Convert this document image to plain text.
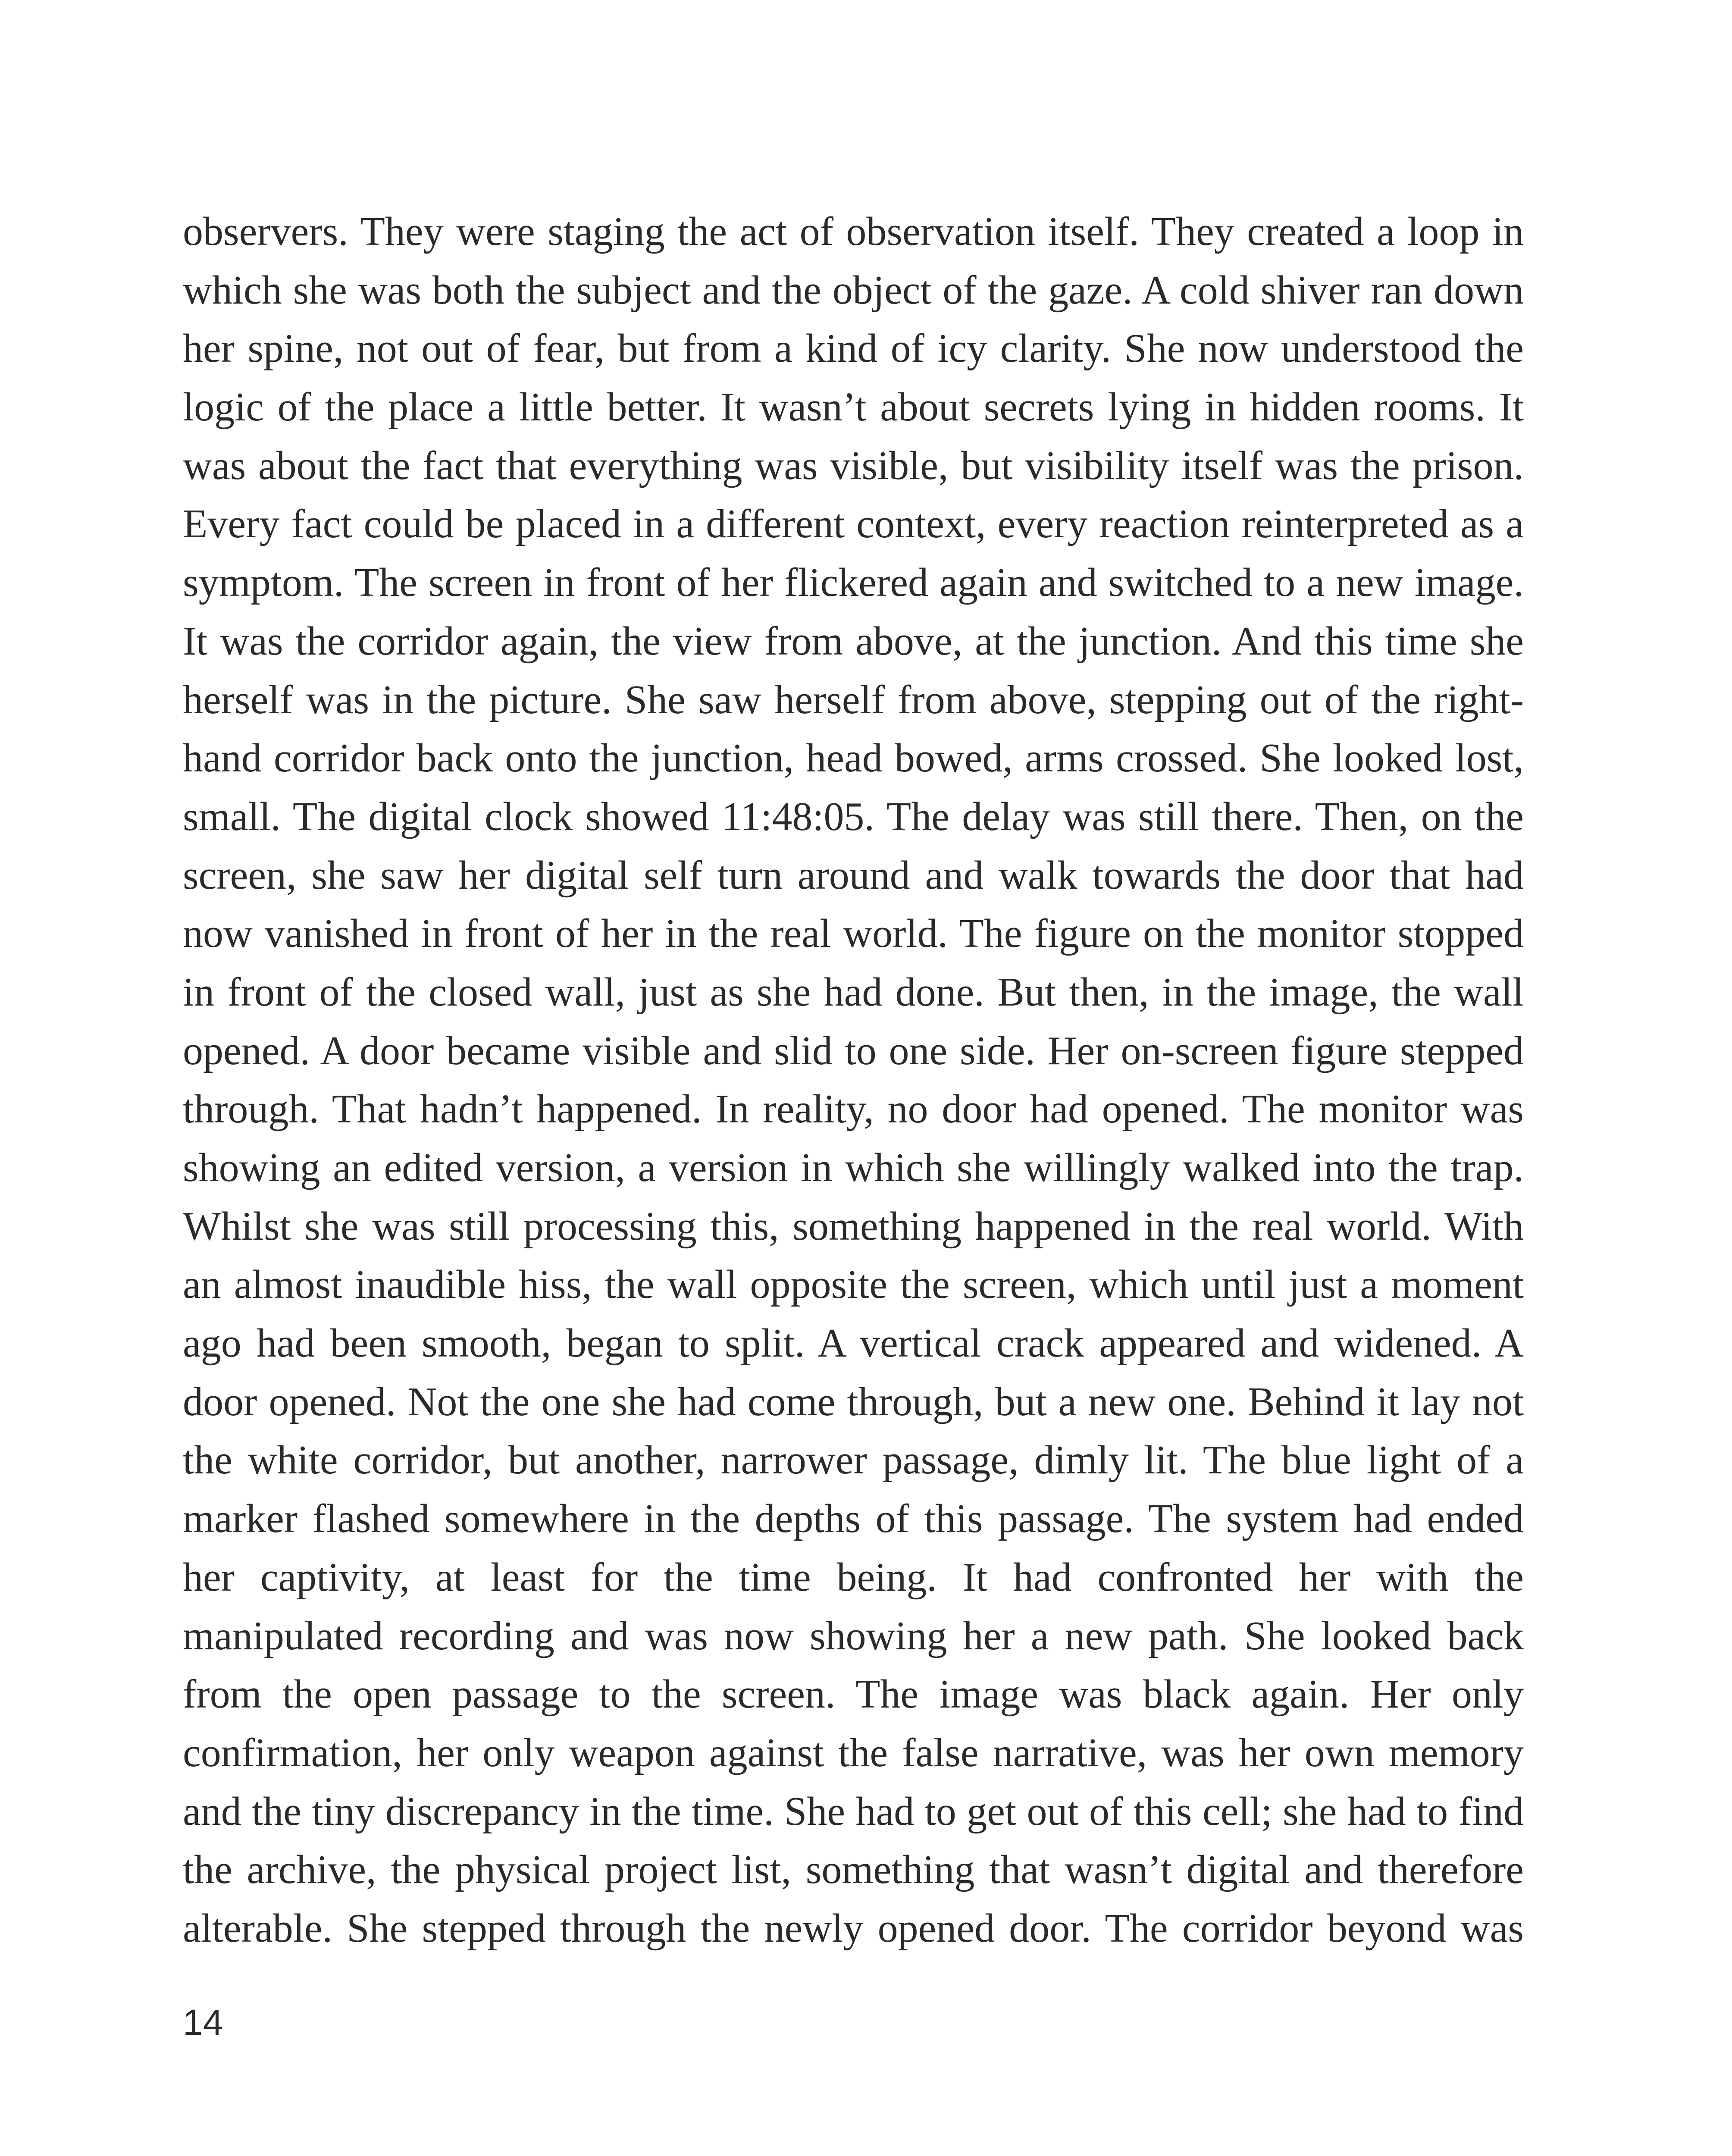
observers. They were staging the act of observation itself. They created a loop in
which she was both the subject and the object of the gaze. A cold shiver ran down
her spine, not out of fear, but from a kind of icy clarity. She now understood the
logic of the place a little better. It wasn’t about secrets lying in hidden rooms. It
was about the fact that everything was visible, but visibility itself was the prison.
Every fact could be placed in a different context, every reaction reinterpreted as a
symptom. The screen in front of her flickered again and switched to a new image.
It was the corridor again, the view from above, at the junction. And this time she
herself was in the picture. She saw herself from above, stepping out of the right-
hand corridor back onto the junction, head bowed, arms crossed. She looked lost,
small. The digital clock showed 11:48:05. The delay was still there. Then, on the
screen, she saw her digital self turn around and walk towards the door that had
now vanished in front of her in the real world. The figure on the monitor stopped
in front of the closed wall, just as she had done. But then, in the image, the wall
opened. A door became visible and slid to one side. Her on-screen figure stepped
through. That hadn’t happened. In reality, no door had opened. The monitor was
showing an edited version, a version in which she willingly walked into the trap.
Whilst she was still processing this, something happened in the real world. With
an almost inaudible hiss, the wall opposite the screen, which until just a moment
ago had been smooth, began to split. A vertical crack appeared and widened. A
door opened. Not the one she had come through, but a new one. Behind it lay not
the white corridor, but another, narrower passage, dimly lit. The blue light of a
marker flashed somewhere in the depths of this passage. The system had ended
her captivity, at least for the time being. It had confronted her with the
manipulated recording and was now showing her a new path. She looked back
from the open passage to the screen. The image was black again. Her only
confirmation, her only weapon against the false narrative, was her own memory
and the tiny discrepancy in the time. She had to get out of this cell; she had to find
the archive, the physical project list, something that wasn’t digital and therefore
alterable. She stepped through the newly opened door. The corridor beyond was
14
